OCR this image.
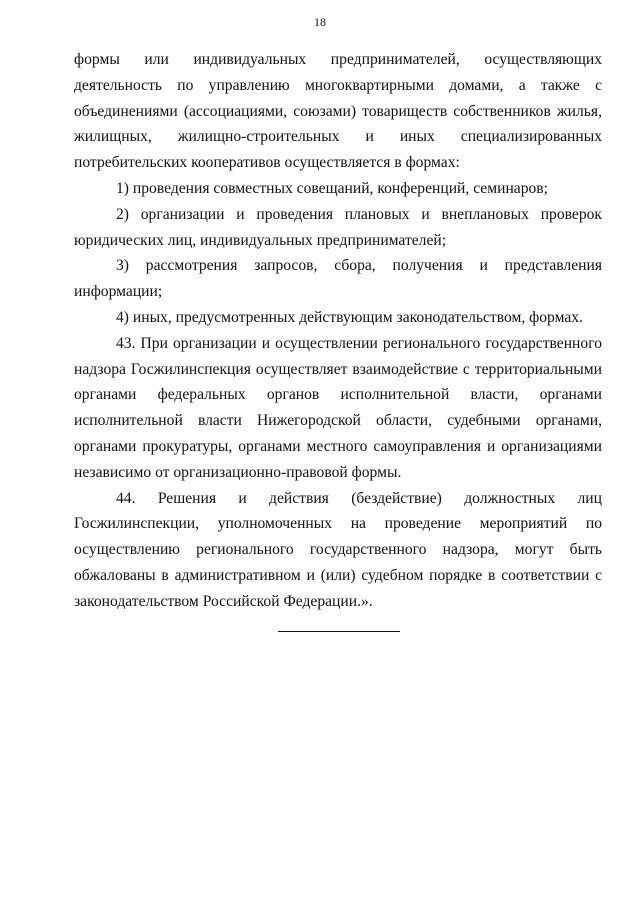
18

формы или индивидуальных предпринимателей, осуществляющих деятельность по управлению многоквартирными домами, а также с объединениями (ассоциациями, союзами) товариществ собственников жилья, жилищных, жилищно-строительных и иных специализированных потребительских кооперативов осуществляется в формах:

1) проведения совместных совещаний, конференций, семинаров;

2) организации и проведения плановых и внеплановых проверок юридических лиц, индивидуальных предпринимателей;

3) рассмотрения запросов, сбора, получения и представления информации;

4) иных, предусмотренных действующим законодательством, формах.

43. При организации и осуществлении регионального государственного надзора Госжилинспекция осуществляет взаимодействие с территориальными органами федеральных органов исполнительной власти, органами исполнительной власти Нижегородской области, судебными органами, органами прокуратуры, органами местного самоуправления и организациями независимо от организационно-правовой формы.

44. Решения и действия (бездействие) должностных лиц Госжилинспекции, уполномоченных на проведение мероприятий по осуществлению регионального государственного надзора, могут быть обжалованы в административном и (или) судебном порядке в соответствии с законодательством Российской Федерации.».
